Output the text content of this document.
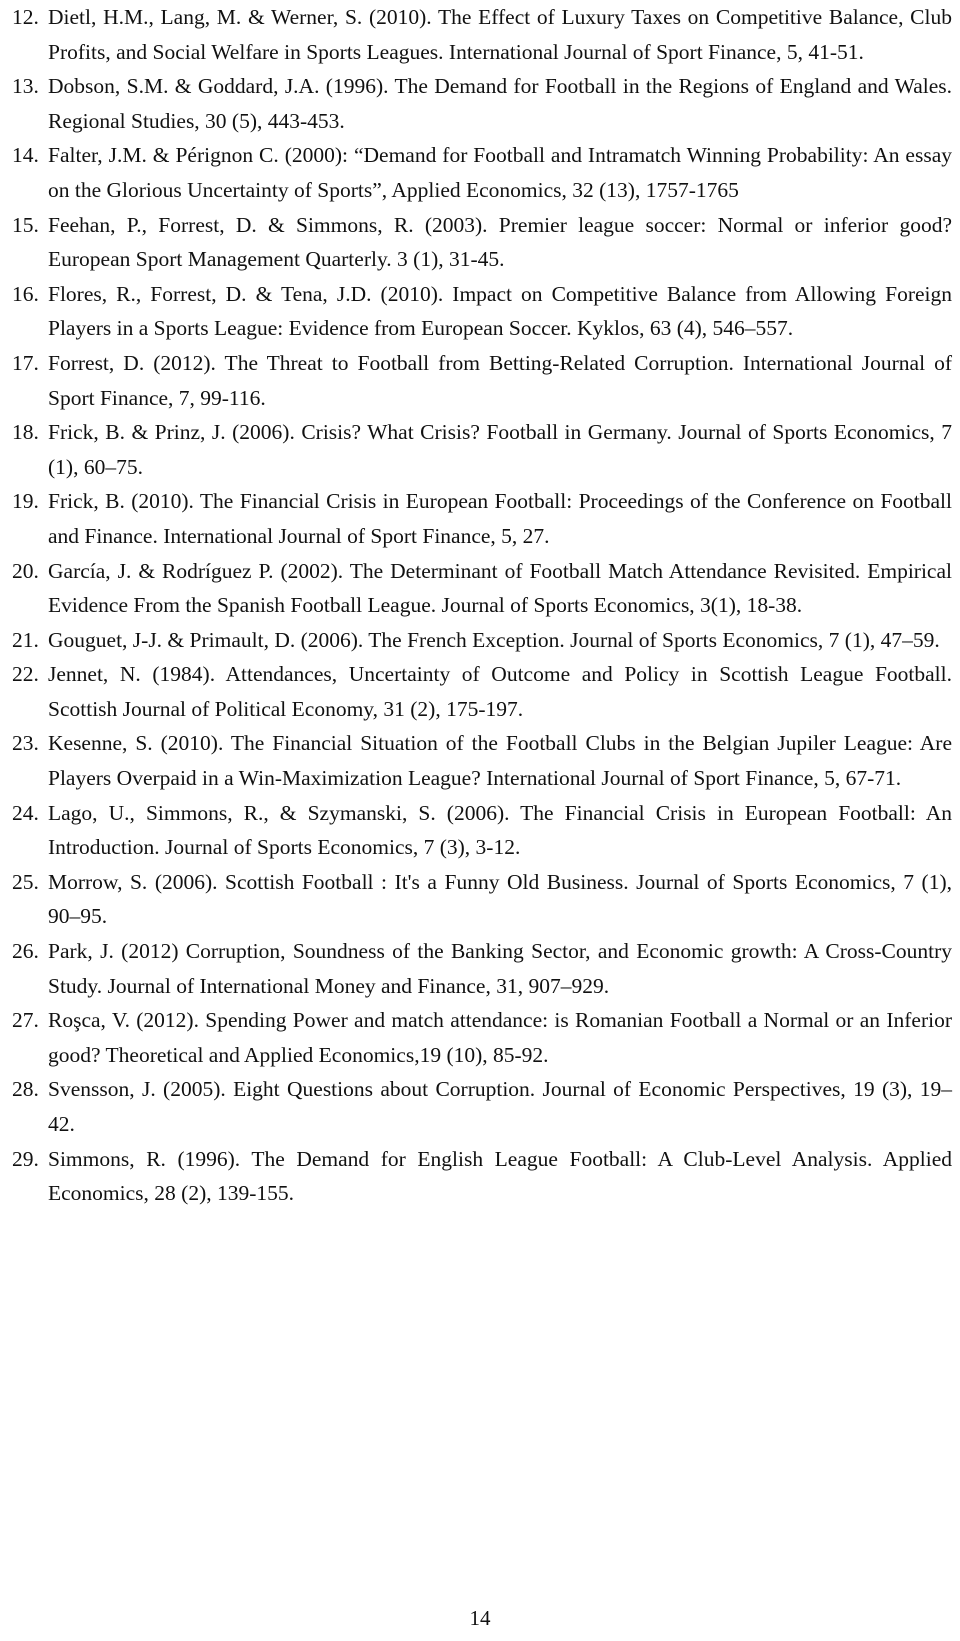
12. Dietl, H.M., Lang, M. & Werner, S. (2010). The Effect of Luxury Taxes on Competitive Balance, Club Profits, and Social Welfare in Sports Leagues. International Journal of Sport Finance, 5, 41-51.
13. Dobson, S.M. & Goddard, J.A. (1996). The Demand for Football in the Regions of England and Wales. Regional Studies, 30 (5), 443-453.
14. Falter, J.M. & Pérignon C. (2000): “Demand for Football and Intramatch Winning Probability: An essay on the Glorious Uncertainty of Sports”, Applied Economics, 32 (13), 1757-1765
15. Feehan, P., Forrest, D. & Simmons, R. (2003). Premier league soccer: Normal or inferior good? European Sport Management Quarterly. 3 (1), 31-45.
16. Flores, R., Forrest, D. & Tena, J.D. (2010). Impact on Competitive Balance from Allowing Foreign Players in a Sports League: Evidence from European Soccer. Kyklos, 63 (4), 546–557.
17. Forrest, D. (2012). The Threat to Football from Betting-Related Corruption. International Journal of Sport Finance, 7, 99-116.
18. Frick, B. & Prinz, J. (2006). Crisis? What Crisis? Football in Germany. Journal of Sports Economics, 7 (1), 60–75.
19. Frick, B. (2010). The Financial Crisis in European Football: Proceedings of the Conference on Football and Finance. International Journal of Sport Finance, 5, 27.
20. García, J. & Rodríguez P. (2002). The Determinant of Football Match Attendance Revisited. Empirical Evidence From the Spanish Football League. Journal of Sports Economics, 3(1), 18-38.
21. Gouguet, J-J. & Primault, D. (2006). The French Exception. Journal of Sports Economics, 7 (1), 47–59.
22. Jennet, N. (1984). Attendances, Uncertainty of Outcome and Policy in Scottish League Football. Scottish Journal of Political Economy, 31 (2), 175-197.
23. Kesenne, S. (2010). The Financial Situation of the Football Clubs in the Belgian Jupiler League: Are Players Overpaid in a Win-Maximization League? International Journal of Sport Finance, 5, 67-71.
24. Lago, U., Simmons, R., & Szymanski, S. (2006). The Financial Crisis in European Football: An Introduction. Journal of Sports Economics, 7 (3), 3-12.
25. Morrow, S. (2006). Scottish Football : It's a Funny Old Business. Journal of Sports Economics, 7 (1), 90–95.
26. Park, J. (2012) Corruption, Soundness of the Banking Sector, and Economic growth: A Cross-Country Study. Journal of International Money and Finance, 31, 907–929.
27. Roşca, V. (2012). Spending Power and match attendance: is Romanian Football a Normal or an Inferior good? Theoretical and Applied Economics,19 (10), 85-92.
28. Svensson, J. (2005). Eight Questions about Corruption. Journal of Economic Perspectives, 19 (3), 19–42.
29. Simmons, R. (1996). The Demand for English League Football: A Club-Level Analysis. Applied Economics, 28 (2), 139-155.
14
